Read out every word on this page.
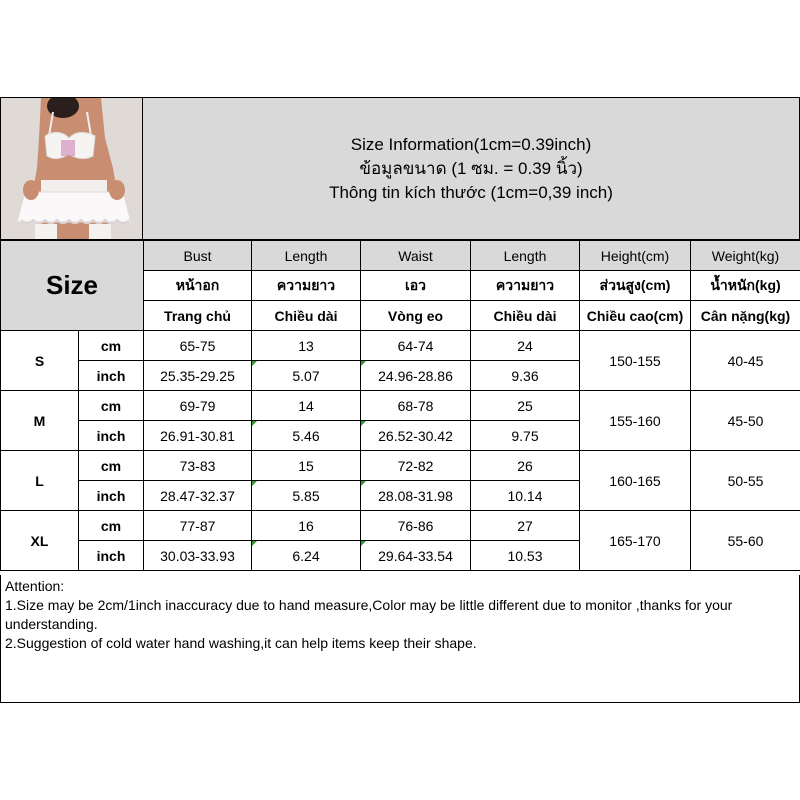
Size Information(1cm=0.39inch)
ข้อมูลขนาด (1 ซม. = 0.39 นิ้ว)
Thông tin kích thước (1cm=0,39 inch)
Size		Bust	Length	Waist	Length	Height(cm)	Weight(kg)
		หน้าอก	ความยาว	เอว	ความยาว	ส่วนสูง(cm)	น้ำหนัก(kg)
		Trang chủ	Chiều dài	Vòng eo	Chiều dài	Chiều cao(cm)	Cân nặng(kg)
S	cm	65-75	13	64-74	24	150-155	40-45
	inch	25.35-29.25	5.07	24.96-28.86	9.36		
M	cm	69-79	14	68-78	25	155-160	45-50
	inch	26.91-30.81	5.46	26.52-30.42	9.75		
L	cm	73-83	15	72-82	26	160-165	50-55
	inch	28.47-32.37	5.85	28.08-31.98	10.14		
XL	cm	77-87	16	76-86	27	165-170	55-60
	inch	30.03-33.93	6.24	29.64-33.54	10.53		
Attention:
1.Size may be 2cm/1inch inaccuracy due to hand measure,Color may be little different due to monitor ,thanks for your understanding.
2.Suggestion of cold water hand washing,it can help items keep their shape.
